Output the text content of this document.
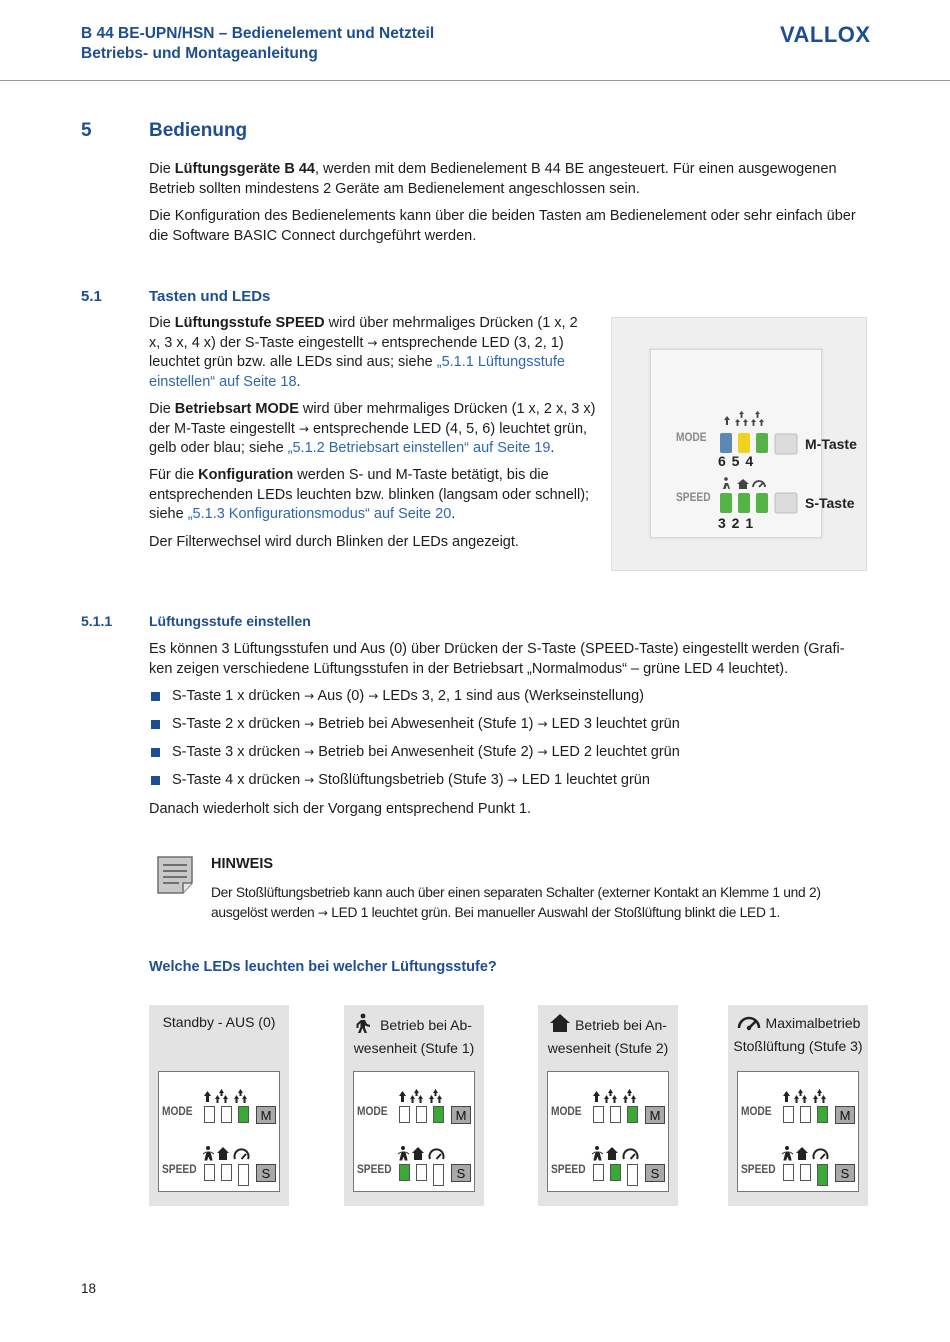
B 44 BE-UPN/HSN – Bedienelement und Netzteil
Betriebs- und Montageanleitung
VALLOX
5	Bedienung

Die Lüftungsgeräte B 44, werden mit dem Bedienelement B 44 BE angesteuert. Für einen ausgewogenen Betrieb sollten mindestens 2 Geräte am Bedienelement angeschlossen sein.

Die Konfiguration des Bedienelements kann über die beiden Tasten am Bedienelement oder sehr einfach über die Software BASIC Connect durchgeführt werden.

5.1	Tasten und LEDs

Die Lüftungsstufe SPEED wird über mehrmaliges Drücken (1 x, 2 x, 3 x, 4 x) der S-Taste eingestellt → entsprechende LED (3, 2, 1) leuchtet grün bzw. alle LEDs sind aus; siehe „5.1.1 Lüftungsstufe einstellen“ auf Seite 18.

Die Betriebsart MODE wird über mehrmaliges Drücken (1 x, 2 x, 3 x) der M-Taste eingestellt → entsprechende LED (4, 5, 6) leuchtet grün, gelb oder blau; siehe „5.1.2 Betriebsart einstellen“ auf Seite 19.

Für die Konfiguration werden S- und M-Taste betätigt, bis die entsprechenden LEDs leuchten bzw. blinken (langsam oder schnell); siehe „5.1.3 Konfigurationsmodus“ auf Seite 20.

Der Filterwechsel wird durch Blinken der LEDs angezeigt.

MODE
SPEED
6 5 4
3 2 1
M-Taste
S-Taste
5.1.1	Lüftungsstufe einstellen

Es können 3 Lüftungsstufen und Aus (0) über Drücken der S-Taste (SPEED-Taste) eingestellt werden (Grafiken zeigen verschiedene Lüftungsstufen in der Betriebsart „Normalmodus“ – grüne LED 4 leuchtet).

S-Taste 1 x drücken → Aus (0) → LEDs 3, 2, 1 sind aus (Werkseinstellung)
S-Taste 2 x drücken → Betrieb bei Abwesenheit (Stufe 1) → LED 3 leuchtet grün
S-Taste 3 x drücken → Betrieb bei Anwesenheit (Stufe 2) → LED 2 leuchtet grün
S-Taste 4 x drücken → Stoßlüftungsbetrieb (Stufe 3) → LED 1 leuchtet grün

Danach wiederholt sich der Vorgang entsprechend Punkt 1.

HINWEIS
Der Stoßlüftungsbetrieb kann auch über einen separaten Schalter (externer Kontakt an Klemme 1 und 2) ausgelöst werden → LED 1 leuchtet grün. Bei manueller Auswahl der Stoßlüftung blinkt die LED 1.
Welche LEDs leuchten bei welcher Lüftungsstufe?
Standby - AUS (0)
MODE	M
SPEED	S
Betrieb bei Ab-
wesenheit (Stufe 1)
MODE	M
SPEED	S
Betrieb bei An-
wesenheit (Stufe 2)
MODE	M
SPEED	S
Maximalbetrieb
Stoßlüftung (Stufe 3)
MODE	M
SPEED	S
18
